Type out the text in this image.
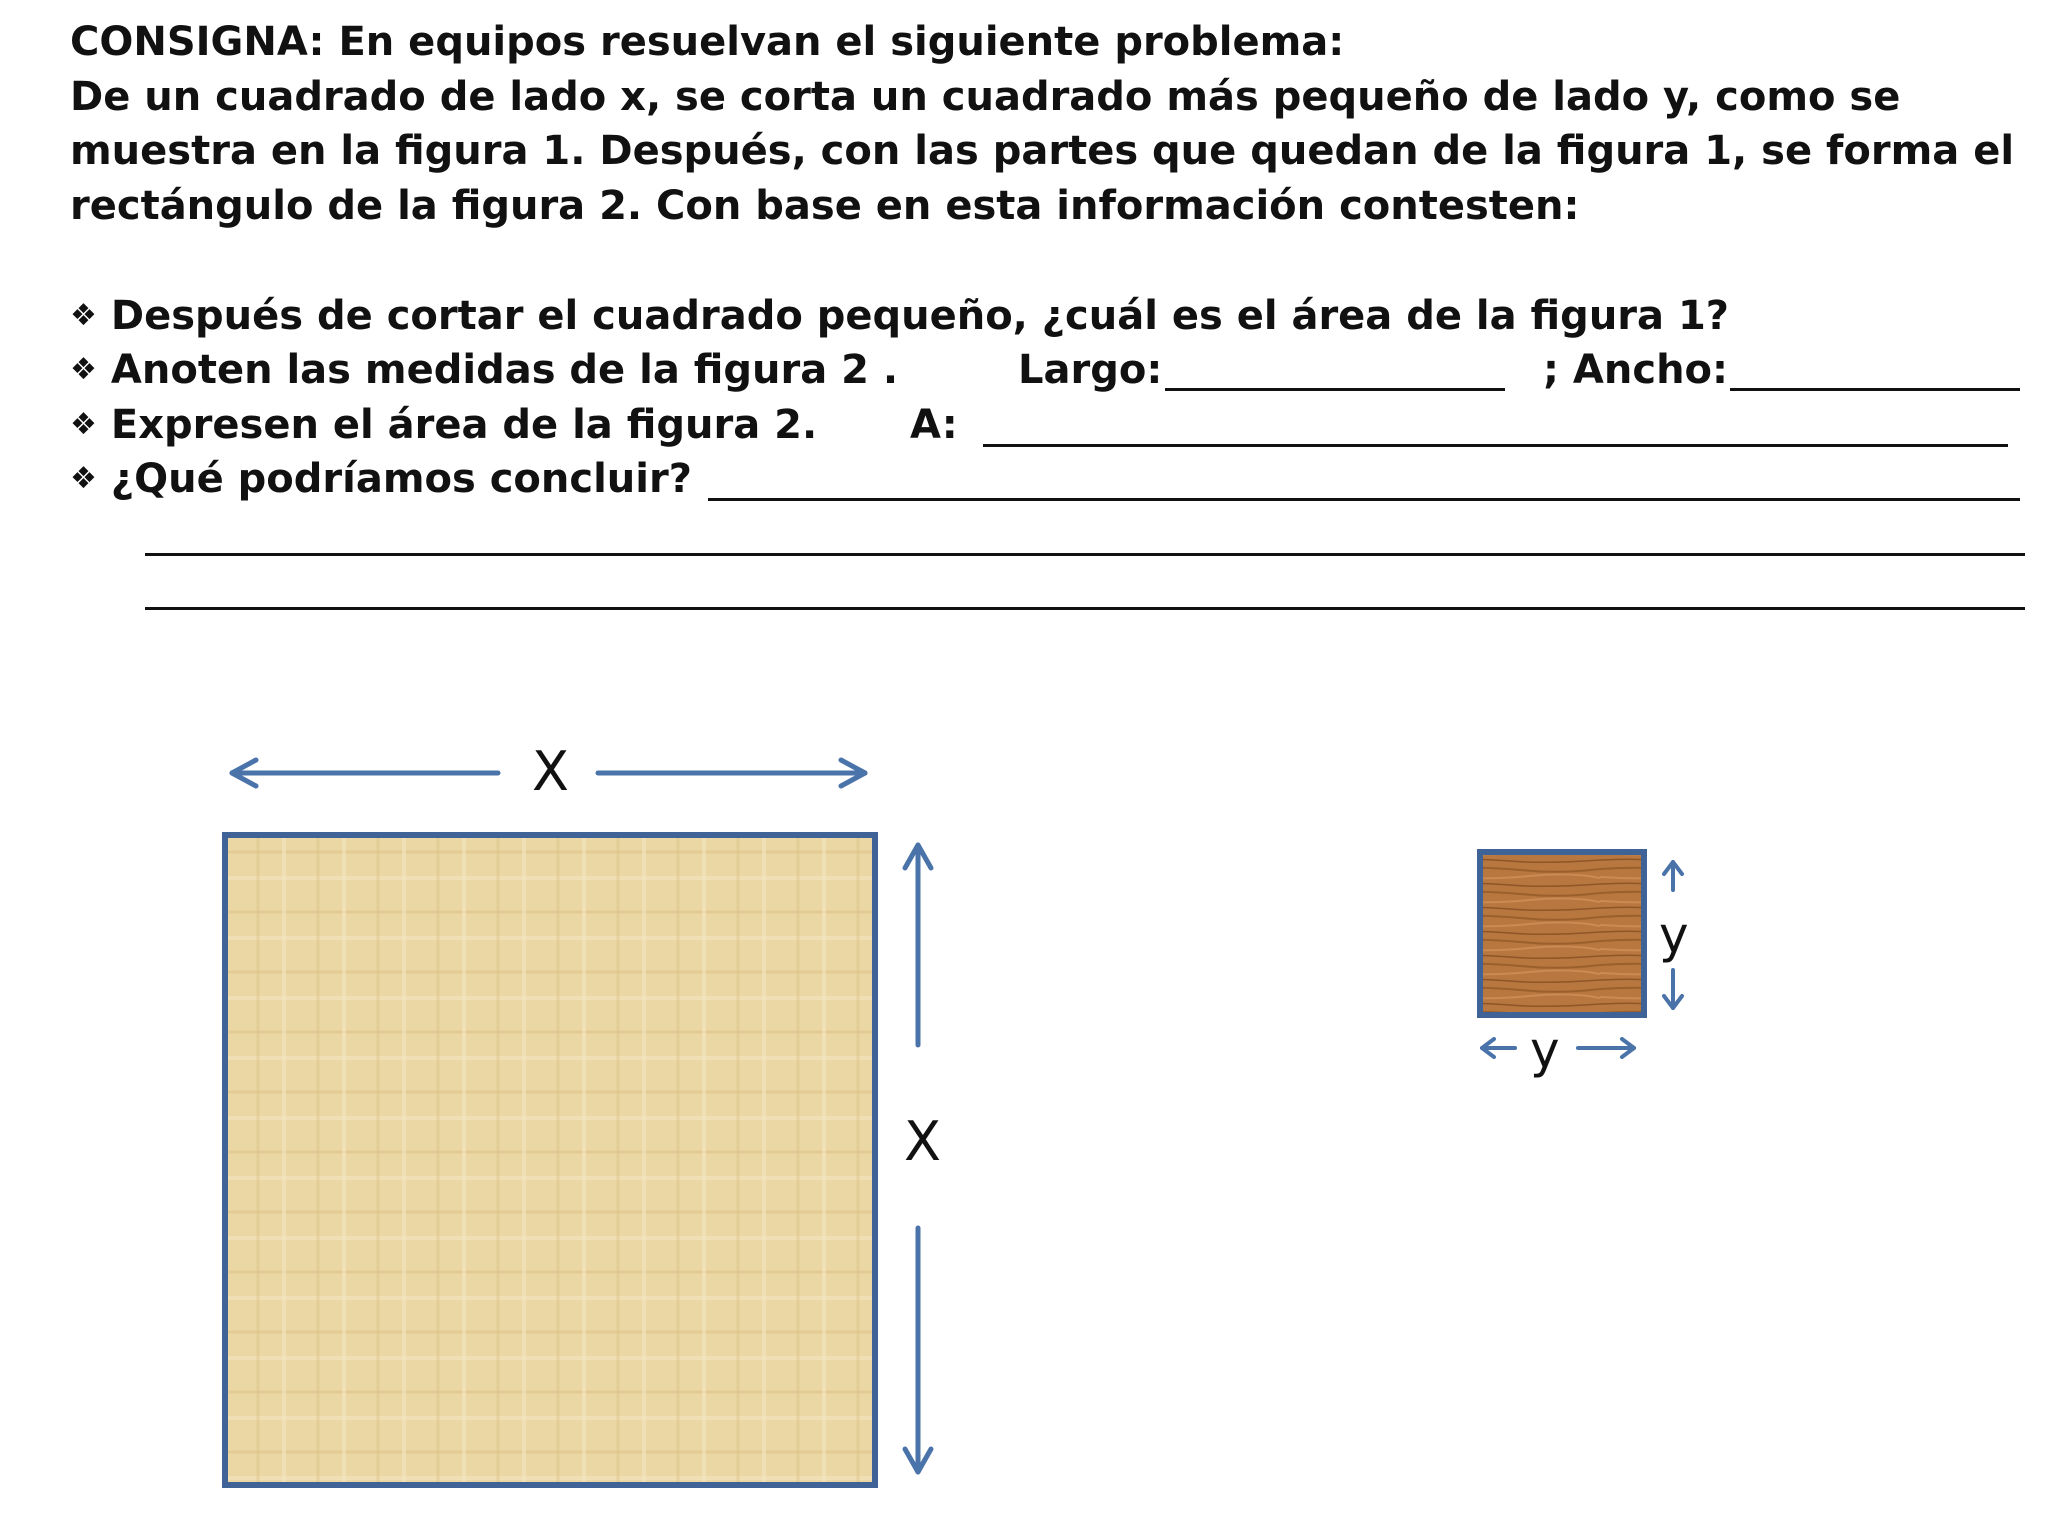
CONSIGNA: En equipos resuelvan el siguiente problema:
De un cuadrado de lado x, se corta un cuadrado más pequeño de lado y, como se
muestra en la figura 1. Después, con las partes que quedan de la figura 1, se forma el
rectángulo de la figura 2. Con base en esta información contesten:
❖ Después de cortar el cuadrado pequeño, ¿cuál es el área de la figura 1?
❖ Anoten las medidas de la figura 2 .	Largo:	; Ancho:
❖ Expresen el área de la figura 2. A:
❖ ¿Qué podríamos concluir?
X
X
y
y
